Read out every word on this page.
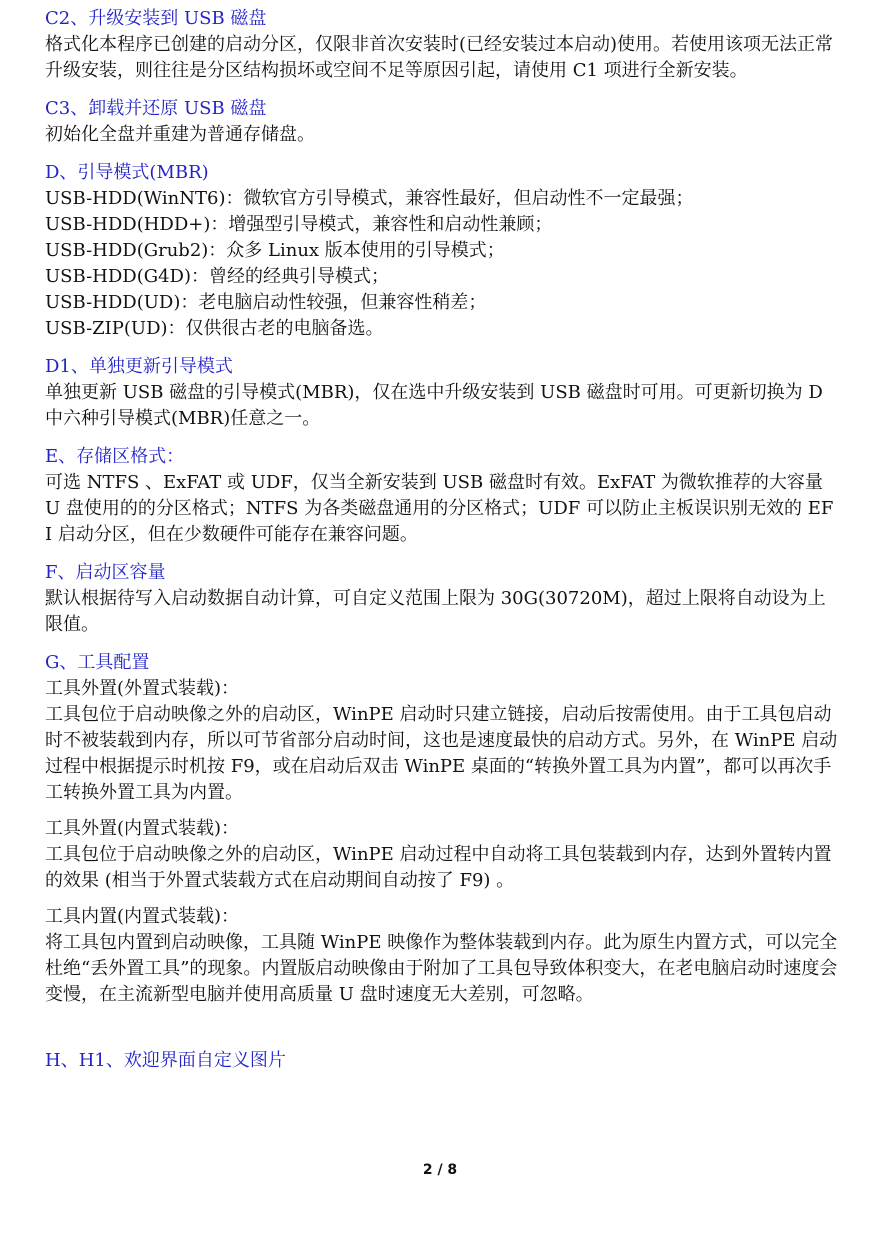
C2、升级安装到 USB 磁盘

格式化本程序已创建的启动分区，仅限非首次安装时(已经安装过本启动)使用。若使用该项无法正常升级安装，则往往是分区结构损坏或空间不足等原因引起，请使用 C1 项进行全新安装。

C3、卸载并还原 USB 磁盘

初始化全盘并重建为普通存储盘。

D、引导模式(MBR)

USB-HDD(WinNT6)：微软官方引导模式，兼容性最好，但启动性不一定最强；

USB-HDD(HDD+)：增强型引导模式，兼容性和启动性兼顾；

USB-HDD(Grub2)：众多 Linux 版本使用的引导模式；

USB-HDD(G4D)：曾经的经典引导模式；

USB-HDD(UD)：老电脑启动性较强，但兼容性稍差；

USB-ZIP(UD)：仅供很古老的电脑备选。

D1、单独更新引导模式

单独更新 USB 磁盘的引导模式(MBR)，仅在选中升级安装到 USB 磁盘时可用。可更新切换为 D 中六种引导模式(MBR)任意之一。

E、存储区格式：

可选 NTFS 、ExFAT 或 UDF，仅当全新安装到 USB 磁盘时有效。ExFAT 为微软推荐的大容量 U 盘使用的的分区格式；NTFS 为各类磁盘通用的分区格式；UDF 可以防止主板误识别无效的 EFI 启动分区，但在少数硬件可能存在兼容问题。

F、启动区容量

默认根据待写入启动数据自动计算，可自定义范围上限为 30G(30720M)，超过上限将自动设为上限值。

G、工具配置

工具外置(外置式装载)：

工具包位于启动映像之外的启动区，WinPE 启动时只建立链接，启动后按需使用。由于工具包启动时不被装载到内存，所以可节省部分启动时间，这也是速度最快的启动方式。另外，在 WinPE 启动过程中根据提示时机按 F9，或在启动后双击 WinPE 桌面的“转换外置工具为内置”，都可以再次手工转换外置工具为内置。

工具外置(内置式装载)：

工具包位于启动映像之外的启动区，WinPE 启动过程中自动将工具包装载到内存，达到外置转内置的效果 (相当于外置式装载方式在启动期间自动按了 F9) 。

工具内置(内置式装载)：

将工具包内置到启动映像，工具随 WinPE 映像作为整体装载到内存。此为原生内置方式，可以完全杜绝“丢外置工具”的现象。内置版启动映像由于附加了工具包导致体积变大，在老电脑启动时速度会变慢，在主流新型电脑并使用高质量 U 盘时速度无大差别，可忽略。

H、H1、欢迎界面自定义图片

2 / 8
